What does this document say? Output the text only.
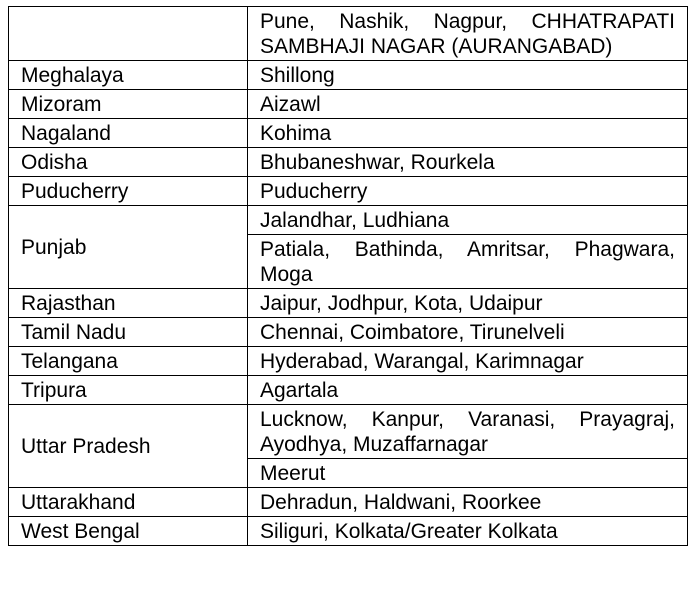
	Pune, Nashik, Nagpur, CHHATRAPATI SAMBHAJI NAGAR (AURANGABAD)
Meghalaya	Shillong
Mizoram	Aizawl
Nagaland	Kohima
Odisha	Bhubaneshwar, Rourkela
Puducherry	Puducherry
Punjab	Jalandhar, Ludhiana
	Patiala, Bathinda, Amritsar, Phagwara, Moga
Rajasthan	Jaipur, Jodhpur, Kota, Udaipur
Tamil Nadu	Chennai, Coimbatore, Tirunelveli
Telangana	Hyderabad, Warangal, Karimnagar
Tripura	Agartala
Uttar Pradesh	Lucknow, Kanpur, Varanasi, Prayagraj, Ayodhya, Muzaffarnagar
	Meerut
Uttarakhand	Dehradun, Haldwani, Roorkee
West Bengal	Siliguri, Kolkata/Greater Kolkata
